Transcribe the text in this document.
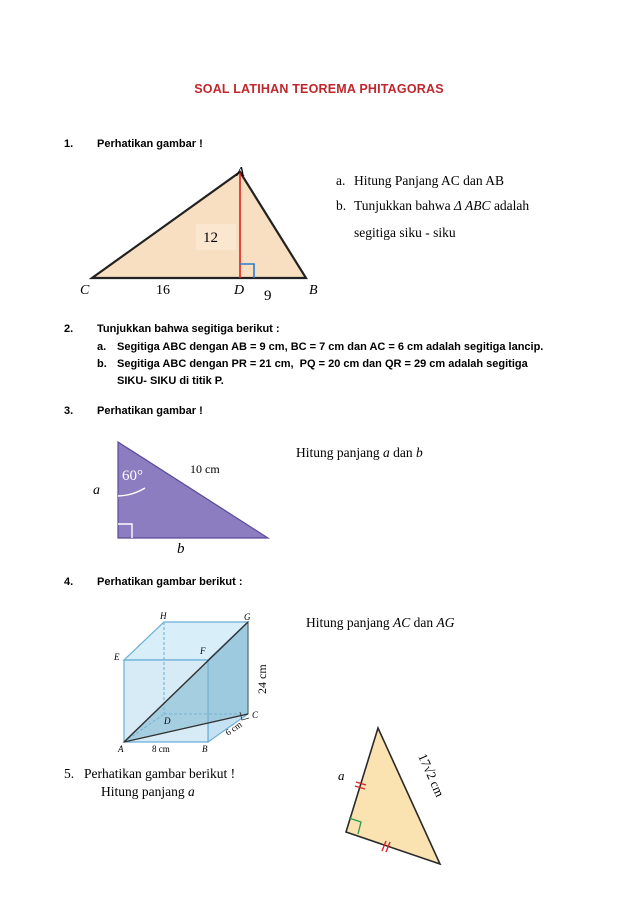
SOAL LATIHAN TEOREMA PHITAGORAS
1. Perhatikan gambar !
A
C	D	B
16
12
9
a. Hitung Panjang AC dan AB
b. Tunjukkan bahwa Δ ABC adalah
segitiga siku - siku
2. Tunjukkan bahwa segitiga berikut :
a. Segitiga ABC dengan AB = 9 cm, BC = 7 cm dan AC = 6 cm adalah segitiga lancip.
b. Segitiga ABC dengan PR = 21 cm,  PQ = 20 cm dan QR = 29 cm adalah segitiga
SIKU- SIKU di titik P.
3. Perhatikan gambar !
60°	10 cm
a
b
Hitung panjang a dan b
4. Perhatikan gambar berikut :
A	B
C
D
E
F
G
H
8 cm
6 cm
24 cm
Hitung panjang AC dan AG
5. Perhatikan gambar berikut !
Hitung panjang a
a	17√2 cm
